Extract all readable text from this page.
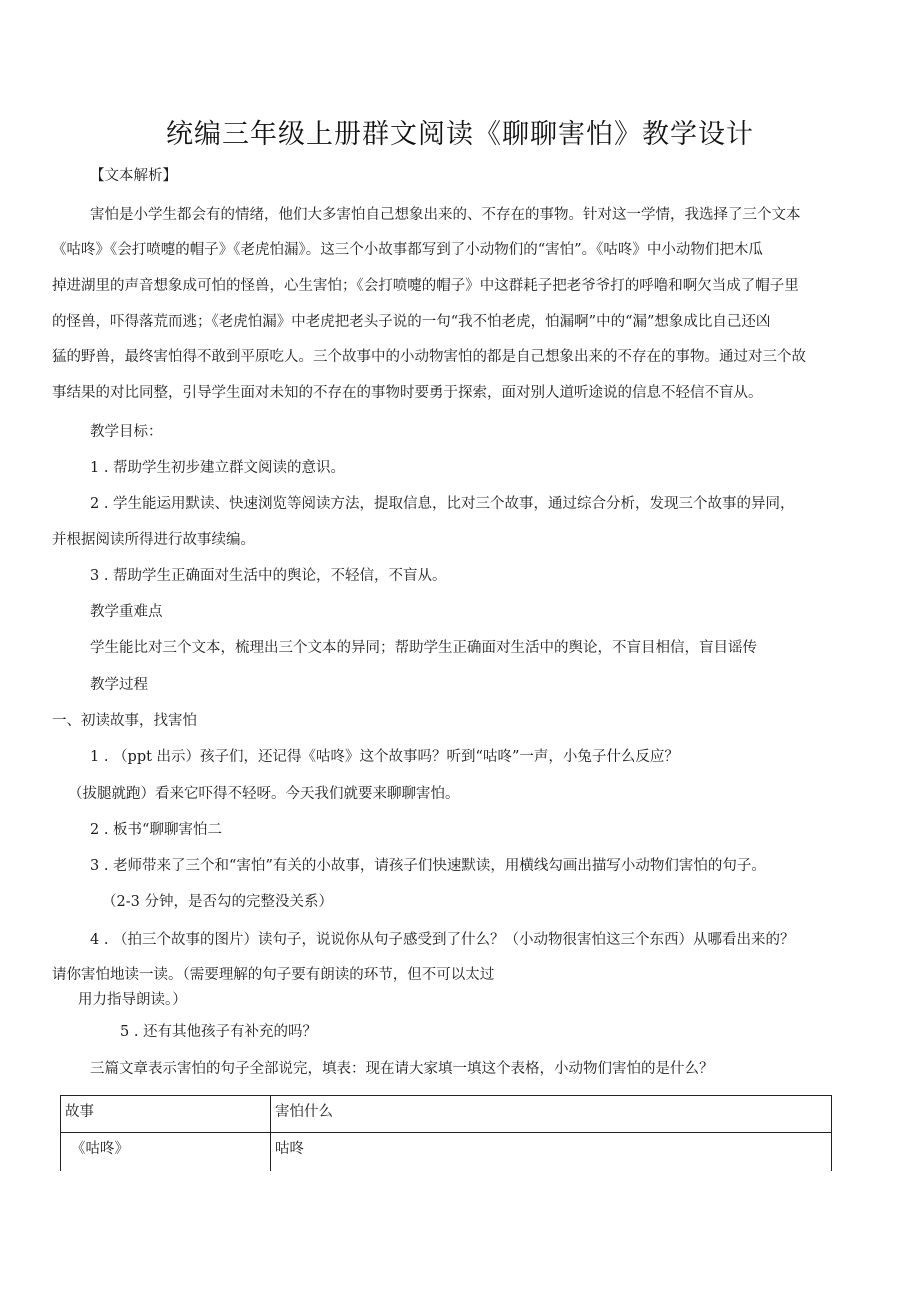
统编三年级上册群文阅读《聊聊害怕》教学设计
【文本解析】
害怕是小学生都会有的情绪，他们大多害怕自己想象出来的、不存在的事物。针对这一学情，我选择了三个文本
《咕咚》《会打喷嚏的帽子》《老虎怕漏》。这三个小故事都写到了小动物们的“害怕”。《咕咚》中小动物们把木瓜
掉进湖里的声音想象成可怕的怪兽，心生害怕；《会打喷嚏的帽子》中这群耗子把老爷爷打的呼噜和啊欠当成了帽子里
的怪兽，吓得落荒而逃；《老虎怕漏》中老虎把老头子说的一句“我不怕老虎，怕漏啊”中的“漏”想象成比自己还凶
猛的野兽，最终害怕得不敢到平原吃人。三个故事中的小动物害怕的都是自己想象出来的不存在的事物。通过对三个故
事结果的对比同整，引导学生面对未知的不存在的事物时要勇于探索，面对别人道听途说的信息不轻信不盲从。
教学目标：
1 . 帮助学生初步建立群文阅读的意识。
2 . 学生能运用默读、快速浏览等阅读方法，提取信息，比对三个故事，通过综合分析，发现三个故事的异同，
并根据阅读所得进行故事续编。
3 . 帮助学生正确面对生活中的舆论，不轻信，不盲从。
教学重难点
学生能比对三个文本，梳理出三个文本的异同；帮助学生正确面对生活中的舆论，不盲目相信，盲目谣传
教学过程
一、初读故事，找害怕
1 . （ppt 出示）孩子们，还记得《咕咚》这个故事吗？听到“咕咚”一声，小兔子什么反应？
（拔腿就跑）看来它吓得不轻呀。今天我们就要来聊聊害怕。
2 . 板书“聊聊害怕二
3 . 老师带来了三个和“害怕”有关的小故事，请孩子们快速默读，用横线勾画出描写小动物们害怕的句子。
（2-3 分钟，是否勾的完整没关系）
4 . （拍三个故事的图片）读句子，说说你从句子感受到了什么？（小动物很害怕这三个东西）从哪看出来的？
请你害怕地读一读。（需要理解的句子要有朗读的环节，但不可以太过
用力指导朗读。）
5 . 还有其他孩子有补充的吗？
三篇文章表示害怕的句子全部说完，填表：现在请大家填一填这个表格，小动物们害怕的是什么？
故事	害怕什么
《咕咚》	咕咚
